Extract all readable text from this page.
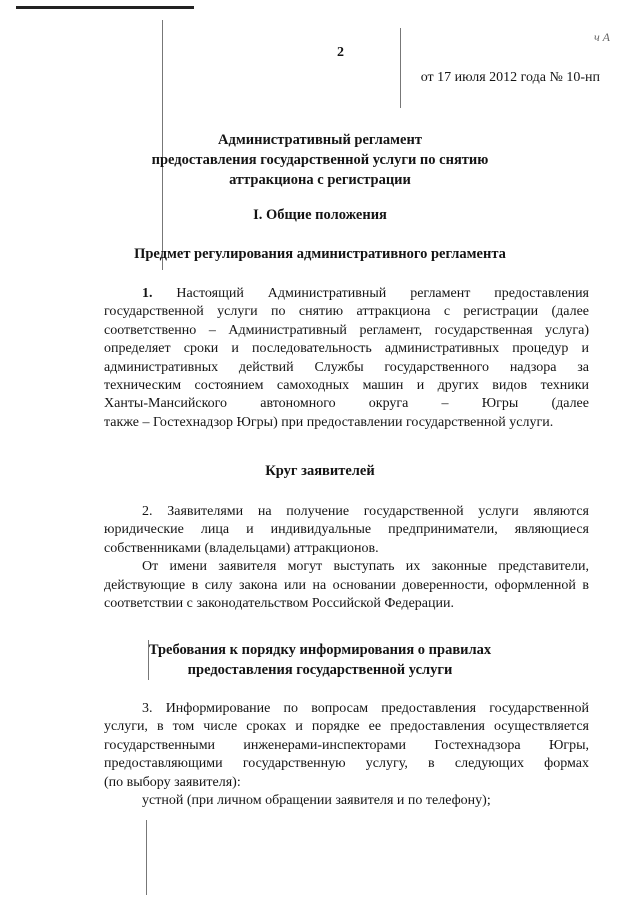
ч А
2
от 17 июля 2012 года № 10-нп
Административный регламент
предоставления государственной услуги по снятию
аттракциона с регистрации
I. Общие положения
Предмет регулирования административного регламента
1. Настоящий Административный регламент предоставления
государственной услуги по снятию аттракциона с регистрации (далее
соответственно – Административный регламент, государственная услуга)
определяет сроки и последовательность административных процедур и
административных действий Службы государственного надзора за
техническим состоянием самоходных машин и других видов техники
Ханты-Мансийского автономного округа – Югры (далее
также – Гостехнадзор Югры) при предоставлении государственной услуги.
Круг заявителей
2. Заявителями на получение государственной услуги являются
юридические лица и индивидуальные предприниматели, являющиеся
собственниками (владельцами) аттракционов.
От имени заявителя могут выступать их законные представители,
действующие в силу закона или на основании доверенности, оформленной в
соответствии с законодательством Российской Федерации.
Требования к порядку информирования о правилах
предоставления государственной услуги
3. Информирование по вопросам предоставления государственной
услуги, в том числе сроках и порядке ее предоставления осуществляется
государственными инженерами-инспекторами Гостехнадзора Югры,
предоставляющими государственную услугу, в следующих формах
(по выбору заявителя):
устной (при личном обращении заявителя и по телефону);
